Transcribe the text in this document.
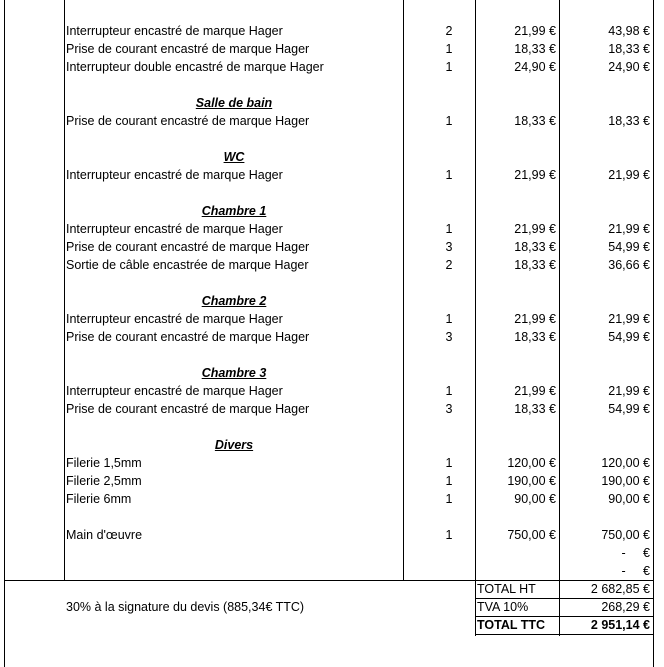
Interrupteur encastré de marque Hager	2	21,99 €	43,98 €
Prise de courant encastré de marque Hager	1	18,33 €	18,33 €
Interrupteur double encastré de marque Hager	1	24,90 €	24,90 €
Salle de bain
Prise de courant encastré de marque Hager	1	18,33 €	18,33 €
WC
Interrupteur encastré de marque Hager	1	21,99 €	21,99 €
Chambre 1
Interrupteur encastré de marque Hager	1	21,99 €	21,99 €
Prise de courant encastré de marque Hager	3	18,33 €	54,99 €
Sortie de câble encastrée de marque Hager	2	18,33 €	36,66 €
Chambre 2
Interrupteur encastré de marque Hager	1	21,99 €	21,99 €
Prise de courant encastré de marque Hager	3	18,33 €	54,99 €
Chambre 3
Interrupteur encastré de marque Hager	1	21,99 €	21,99 €
Prise de courant encastré de marque Hager	3	18,33 €	54,99 €
Divers
Filerie 1,5mm	1	120,00 €	120,00 €
Filerie 2,5mm	1	190,00 €	190,00 €
Filerie 6mm	1	90,00 €	90,00 €
Main d'œuvre	1	750,00 €	750,00 €
-     €
-     €
30% à la signature du devis (885,34€ TTC)
TOTAL HT	2 682,85 €
TVA 10%	268,29 €
TOTAL TTC	2 951,14 €
